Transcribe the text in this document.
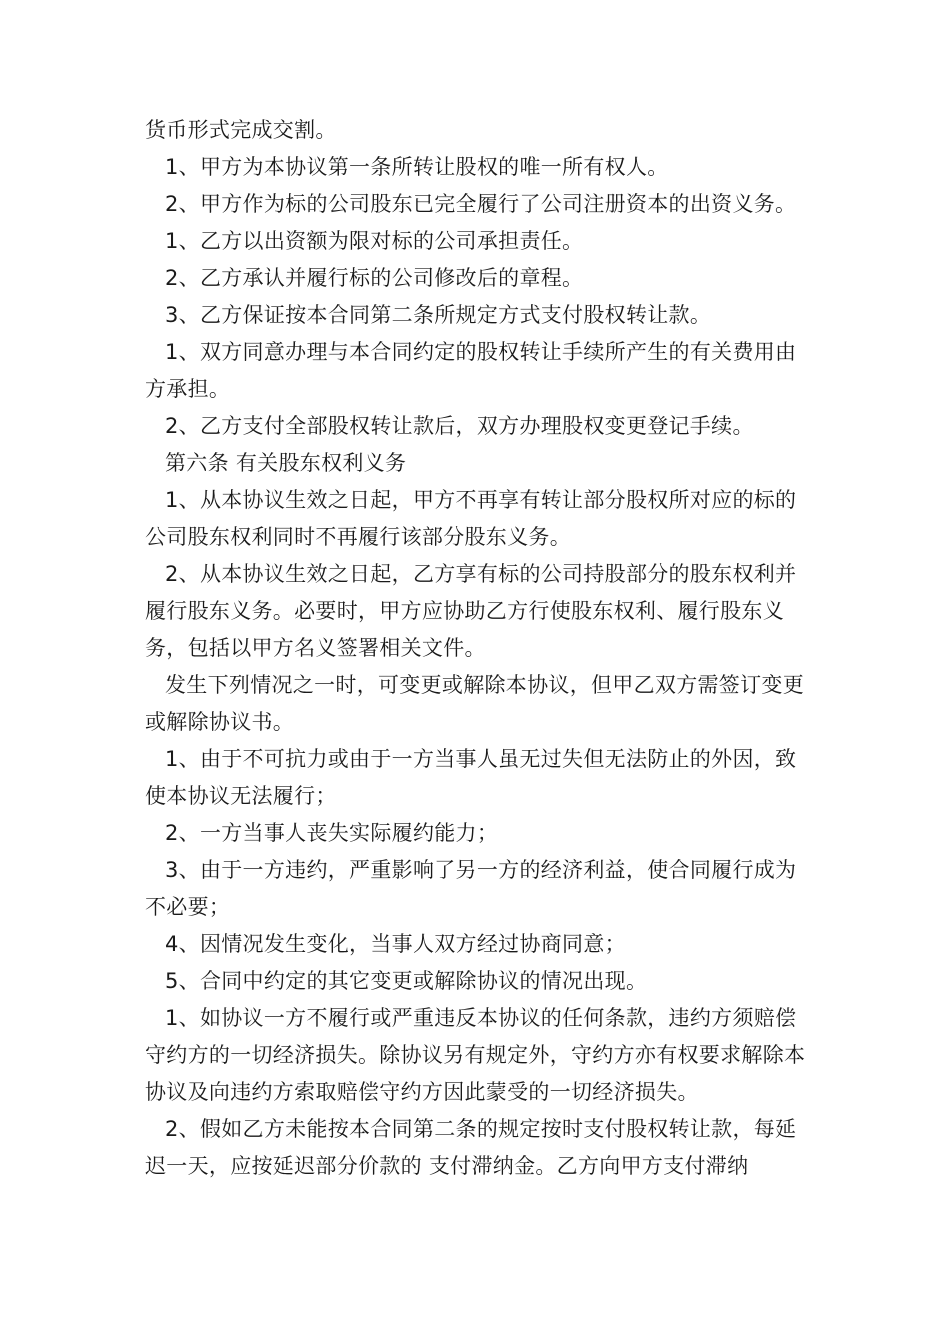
货币形式完成交割。

1、甲方为本协议第一条所转让股权的唯一所有权人。

2、甲方作为标的公司股东已完全履行了公司注册资本的出资义务。

1、乙方以出资额为限对标的公司承担责任。

2、乙方承认并履行标的公司修改后的章程。

3、乙方保证按本合同第二条所规定方式支付股权转让款。

1、双方同意办理与本合同约定的股权转让手续所产生的有关费用由 方承担。

2、乙方支付全部股权转让款后，双方办理股权变更登记手续。

第六条 有关股东权利义务

1、从本协议生效之日起，甲方不再享有转让部分股权所对应的标的公司股东权利同时不再履行该部分股东义务。

2、从本协议生效之日起，乙方享有标的公司持股部分的股东权利并履行股东义务。必要时，甲方应协助乙方行使股东权利、履行股东义务，包括以甲方名义签署相关文件。

发生下列情况之一时，可变更或解除本协议，但甲乙双方需签订变更或解除协议书。

1、由于不可抗力或由于一方当事人虽无过失但无法防止的外因，致使本协议无法履行；

2、一方当事人丧失实际履约能力；

3、由于一方违约，严重影响了另一方的经济利益，使合同履行成为不必要；

4、因情况发生变化，当事人双方经过协商同意；

5、合同中约定的其它变更或解除协议的情况出现。

1、如协议一方不履行或严重违反本协议的任何条款，违约方须赔偿守约方的一切经济损失。除协议另有规定外，守约方亦有权要求解除本协议及向违约方索取赔偿守约方因此蒙受的一切经济损失。

2、假如乙方未能按本合同第二条的规定按时支付股权转让款，每延迟一天，应按延迟部分价款的 支付滞纳金。乙方向甲方支付滞纳
